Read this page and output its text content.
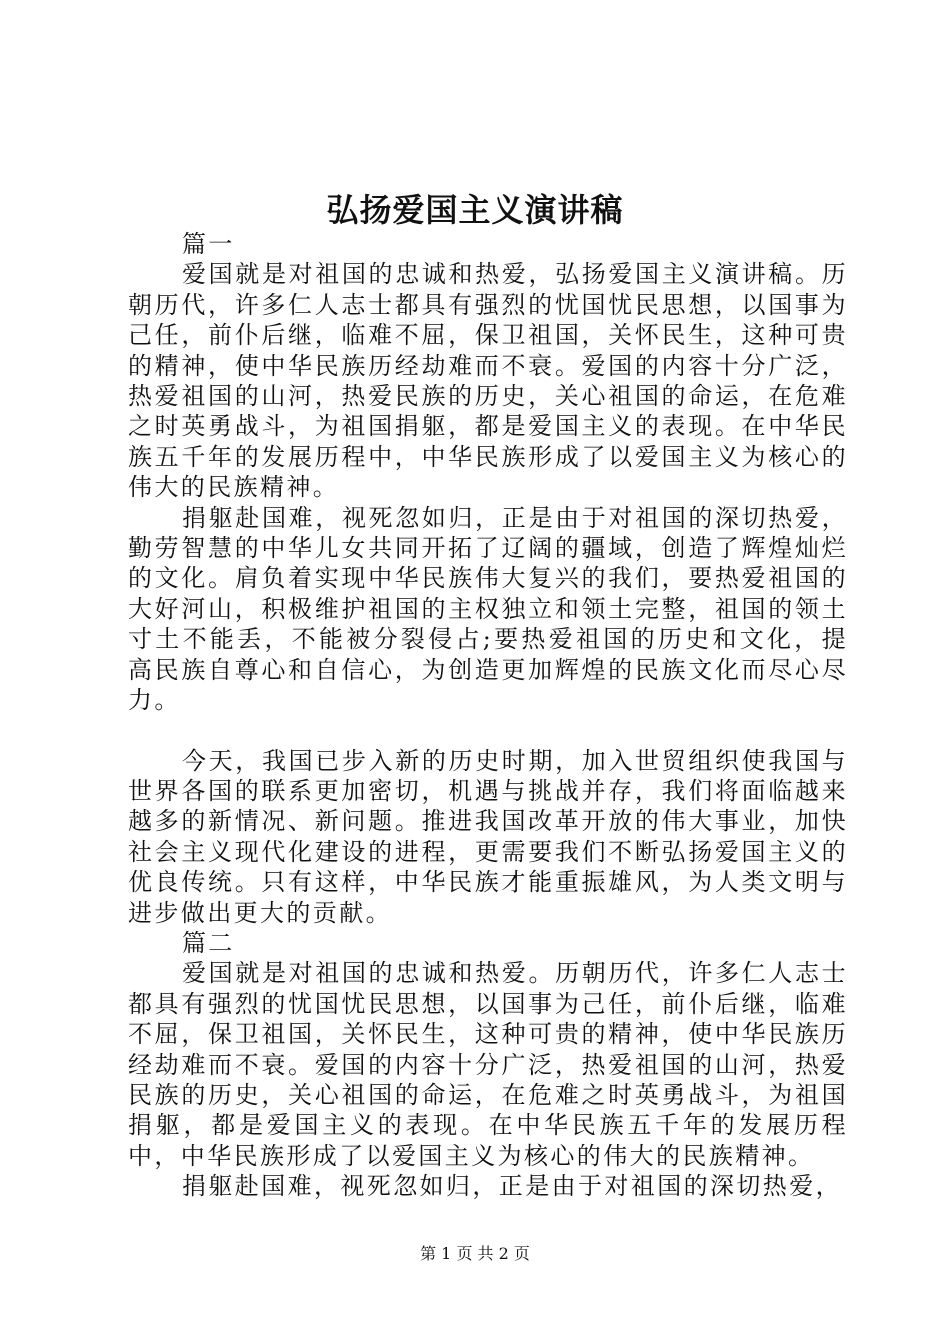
弘扬爱国主义演讲稿

篇一

爱国就是对祖国的忠诚和热爱，弘扬爱国主义演讲稿。历朝历代，许多仁人志士都具有强烈的忧国忧民思想，以国事为己任，前仆后继，临难不屈，保卫祖国，关怀民生，这种可贵的精神，使中华民族历经劫难而不衰。爱国的内容十分广泛，热爱祖国的山河，热爱民族的历史，关心祖国的命运，在危难之时英勇战斗，为祖国捐躯，都是爱国主义的表现。在中华民族五千年的发展历程中，中华民族形成了以爱国主义为核心的伟大的民族精神。

捐躯赴国难，视死忽如归，正是由于对祖国的深切热爱，勤劳智慧的中华儿女共同开拓了辽阔的疆域，创造了辉煌灿烂的文化。肩负着实现中华民族伟大复兴的我们，要热爱祖国的大好河山，积极维护祖国的主权独立和领土完整，祖国的领土寸土不能丢，不能被分裂侵占;要热爱祖国的历史和文化，提高民族自尊心和自信心，为创造更加辉煌的民族文化而尽心尽力。

今天，我国已步入新的历史时期，加入世贸组织使我国与世界各国的联系更加密切，机遇与挑战并存，我们将面临越来越多的新情况、新问题。推进我国改革开放的伟大事业，加快社会主义现代化建设的进程，更需要我们不断弘扬爱国主义的优良传统。只有这样，中华民族才能重振雄风，为人类文明与进步做出更大的贡献。

篇二

爱国就是对祖国的忠诚和热爱。历朝历代，许多仁人志士都具有强烈的忧国忧民思想，以国事为己任，前仆后继，临难不屈，保卫祖国，关怀民生，这种可贵的精神，使中华民族历经劫难而不衰。爱国的内容十分广泛，热爱祖国的山河，热爱民族的历史，关心祖国的命运，在危难之时英勇战斗，为祖国捐躯，都是爱国主义的表现。在中华民族五千年的发展历程中，中华民族形成了以爱国主义为核心的伟大的民族精神。

捐躯赴国难，视死忽如归，正是由于对祖国的深切热爱，

第 1 页 共 2 页
